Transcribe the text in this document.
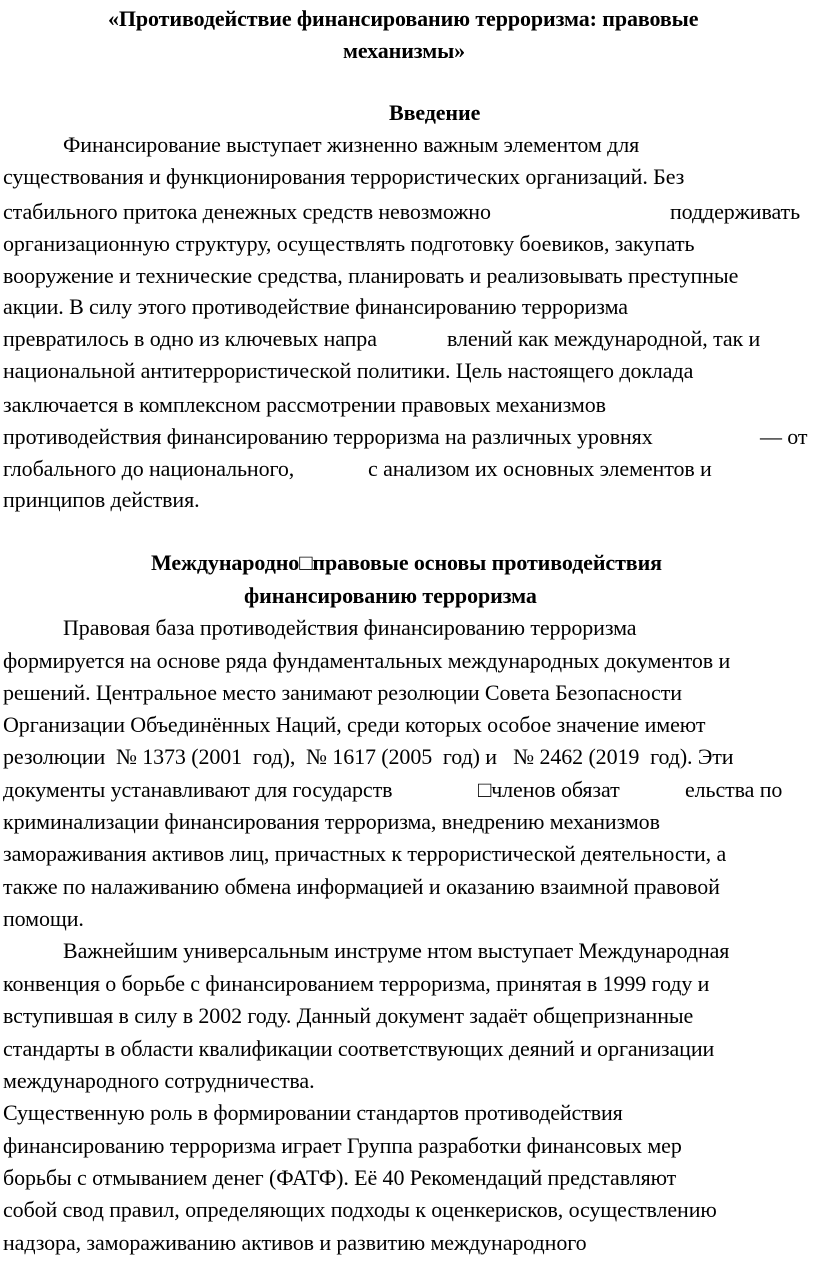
«Противодействие финансированию терроризма: правовые
механизмы»
Введение
Финансирование выступает жизненно важным элементом для
существования и функционирования террористических организаций. Без
стабильного притока денежных средств невозможно	поддерживать
организационную структуру, осуществлять подготовку боевиков, закупать
вооружение и технические средства, планировать и реализовывать преступные
акции. В силу этого противодействие финансированию терроризма
превратилось в одно из ключевых напра	влений как международной, так и
национальной антитеррористической политики. Цель настоящего доклада
заключается в комплексном рассмотрении правовых механизмов
противодействия финансированию терроризма на различных уровнях	— от
глобального до национального,	с анализом их основных элементов и
принципов действия.
Международно□правовые основы противодействия
финансированию терроризма
Правовая база противодействия финансированию терроризма
формируется на основе ряда фундаментальных международных документов и
решений. Центральное место занимают резолюции Совета Безопасности
Организации Объединённых Наций, среди которых особое значение имеют
резолюции  № 1373 (2001  год),  № 1617 (2005  год) и   № 2462 (2019  год). Эти
документы устанавливают для государств	□членов обязат	ельства по
криминализации финансирования терроризма, внедрению механизмов
замораживания активов лиц, причастных к террористической деятельности, а
также по налаживанию обмена информацией и оказанию взаимной правовой
помощи.
Важнейшим универсальным инструме нтом выступает Международная
конвенция о борьбе с финансированием терроризма, принятая в 1999 году и
вступившая в силу в 2002 году. Данный документ задаёт общепризнанные
стандарты в области квалификации соответствующих деяний и организации
международного сотрудничества.
Существенную роль в формировании стандартов противодействия
финансированию терроризма играет Группа разработки финансовых мер
борьбы с отмыванием денег (ФАТФ). Её 40 Рекомендаций представляют
собой свод правил, определяющих подходы к оценкерисков, осуществлению
надзора, замораживанию активов и развитию международного
